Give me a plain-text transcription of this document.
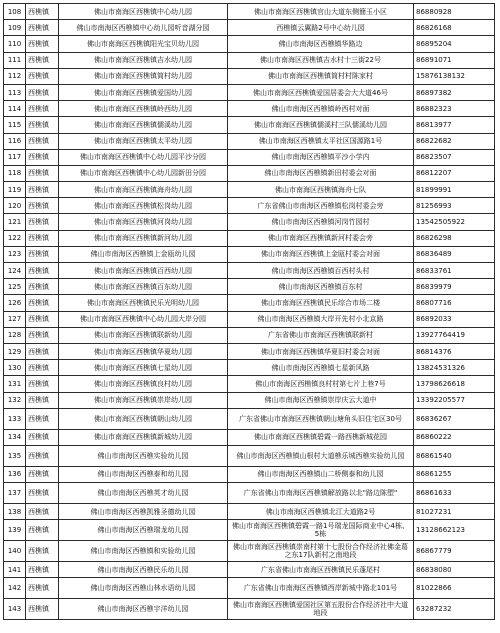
108	西樵镇	佛山市南海区西樵镇中心幼儿园	佛山市南海区西樵镇官山大道东侧簡玉小区	86880928
109	西樵镇	佛山市南海区西樵镇中心幼儿园听音湖分园	西樵镇云翼路2号中心幼儿园	86826168
110	西樵镇	佛山市南海区西樵镇阳光宝贝幼儿园	佛山市南海区西樵镇华路边	86895204
111	西樵镇	佛山市南海区西樵镇吉水幼儿园	佛山市南海区西樵镇吉水村十三街22号	86891071
112	西樵镇	佛山市南海区西樵镇简村幼儿园	佛山市南海区西樵镇简村村陈家村	15876138132
113	西樵镇	佛山市南海区西樵镇爱国幼儿园	佛山市南海区西樵镇爱国居委会大大道46号	86897382
114	西樵镇	佛山市南海区西樵镇岭西幼儿园	佛山市南海区西樵镇岭西村对面	86882323
115	西樵镇	佛山市南海区西樵镇儒溪幼儿园	佛山市南海区西樵镇儒溪村三队儒溪幼儿园	86813977
116	西樵镇	佛山市南海区西樵镇太平幼儿园	佛山市南海区西樵镇太平社区国源路1号	86822682
117	西樵镇	佛山市南海区西樵镇中心幼儿园平沙分园	佛山市南海区西樵镇平沙小学内	86823507
118	西樵镇	佛山市南海区西樵镇中心幼儿园新田分园	佛山市南海区西樵镇新田村委会对面	86812207
119	西樵镇	佛山市南海区西樵镇海舟幼儿园	佛山市南海区西樵镇海舟七队	81899991
120	西樵镇	佛山市南海区西樵镇松岗幼儿园	广东省佛山市南海区西樵镇松岗村委会旁	81256993
121	西樵镇	佛山市南海区西樵镇河岗幼儿园	佛山市南海区西樵镇河岗竹园村	13542505922
122	西樵镇	佛山市南海区西樵镇新河幼儿园	佛山市南海区西樵镇新河村委会旁	86826298
123	西樵镇	佛山市南海区西樵镇上金瓯幼儿园	佛山市南海区西樵镇上金瓯村委会对面	86836489
124	西樵镇	佛山市南海区西樵镇百西幼儿园	佛山市南海区西樵镇百西村头村	86833761
125	西樵镇	佛山市南海区西樵镇百东幼儿园	佛山市南海区西樵镇百东村	86839979
126	西樵镇	佛山市南海区西樵镇民乐光明幼儿园	佛山市南海区西樵镇民乐综合市场二楼	86807716
127	西樵镇	佛山市南海区西樵镇中心幼儿园大岸分园	佛山市南海区西樵镇大岸开先村小北京路	86892033
128	西樵镇	佛山市南海区西樵镇联新幼儿园	广东省佛山市南海区西樵镇联新村	13927764419
129	西樵镇	佛山市南海区西樵镇华夏幼儿园	佛山市南海区西樵镇华夏旧村委会对面	86814376
130	西樵镇	佛山市南海区西樵镇七星幼儿园	佛山市南海区西樵镇七星新风路	13824531326
131	西樵镇	佛山市南海区西樵镇良村幼儿园	佛山市南海区西樵镇良村村第七片上巷7号	13798626618
132	西樵镇	佛山市南海区西樵镇崇岸幼儿园	佛山市南海区西樵镇崇岸庆云大道中	13392205577
133	西樵镇	佛山市南海区西樵镇朝山幼儿园	广东省佛山市南海区西樵镇朝山塘角头旧住宅区30号	86836267
134	西樵镇	佛山市南海区西樵镇新城幼儿园	佛山市南海区西樵镇碧霞一路西樵新城花园	86860222
135	西樵镇	佛山市南海区西樵实验幼儿园	佛山市南海区西樵镇山根村大道樵乐城西樵实验幼儿园	86861540
136	西樵镇	佛山市南海区西樵泰和幼儿园	佛山市南海区西樵镇山二桥侧泰和幼儿园	86861255
137	西樵镇	佛山市南海区西樵英才幼儿园	广东省佛山市南海区西樵镇解放路以北"路边陈塱"	86861633
138	西樵镇	佛山市南海区西樵凯雅圣德幼儿园	佛山市南海区西樵镇北江大道路2号	81027231
139	西樵镇	佛山市南海区西樵瑞龙幼儿园	佛山市南海区西樵镇碧霞一路1号瑞龙国际商业中心4栋、5栋	13128662123
140	西樵镇	佛山市南海区西樵镇和实验幼儿园	佛山市南海区西樵镇崇南村第十七股份合作经济社佛金葛之东17队新村之南地段	86867779
141	西樵镇	佛山市南海区西樵民乐幼儿园	广东省佛山市南海区西樵镇民乐蓬尾村	86838080
142	西樵镇	佛山市南海区西樵山林水语幼儿园	广东省佛山市南海区西樵镇西岸新城中路北101号	81022866
143	西樵镇	佛山市南海区西樵宇洋幼儿园	佛山市南海区西樵镇爱国社区第五股份合作经济社中大道地段	63287232
